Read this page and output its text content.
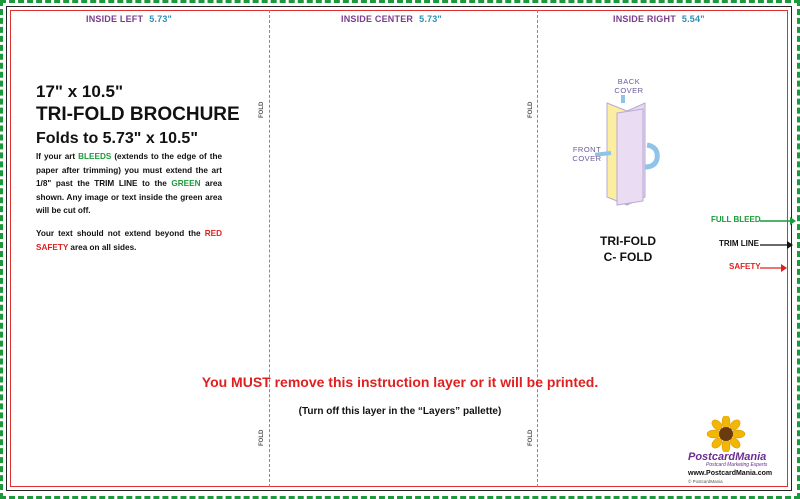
INSIDE LEFT 5.73"	INSIDE CENTER 5.73"	INSIDE RIGHT 5.54"
FOLD	FOLD
FOLD	FOLD
17" x 10.5"
TRI-FOLD BROCHURE
Folds to 5.73" x 10.5"
If your art BLEEDS (extends to the edge of the paper after trimming) you must extend the art 1/8" past the TRIM LINE to the GREEN area shown. Any image or text inside the green area will be cut off.
Your text should not extend beyond the RED SAFETY area on all sides.
BACK
COVER
FRONT
COVER
TRI-FOLD
C- FOLD
FULL BLEED
TRIM LINE
SAFETY
You MUST remove this instruction layer or it will be printed.
(Turn off this layer in the “Layers” pallette)
PostcardMania
Postcard Marketing Experts
www.PostcardMania.com
© PostcardMania
